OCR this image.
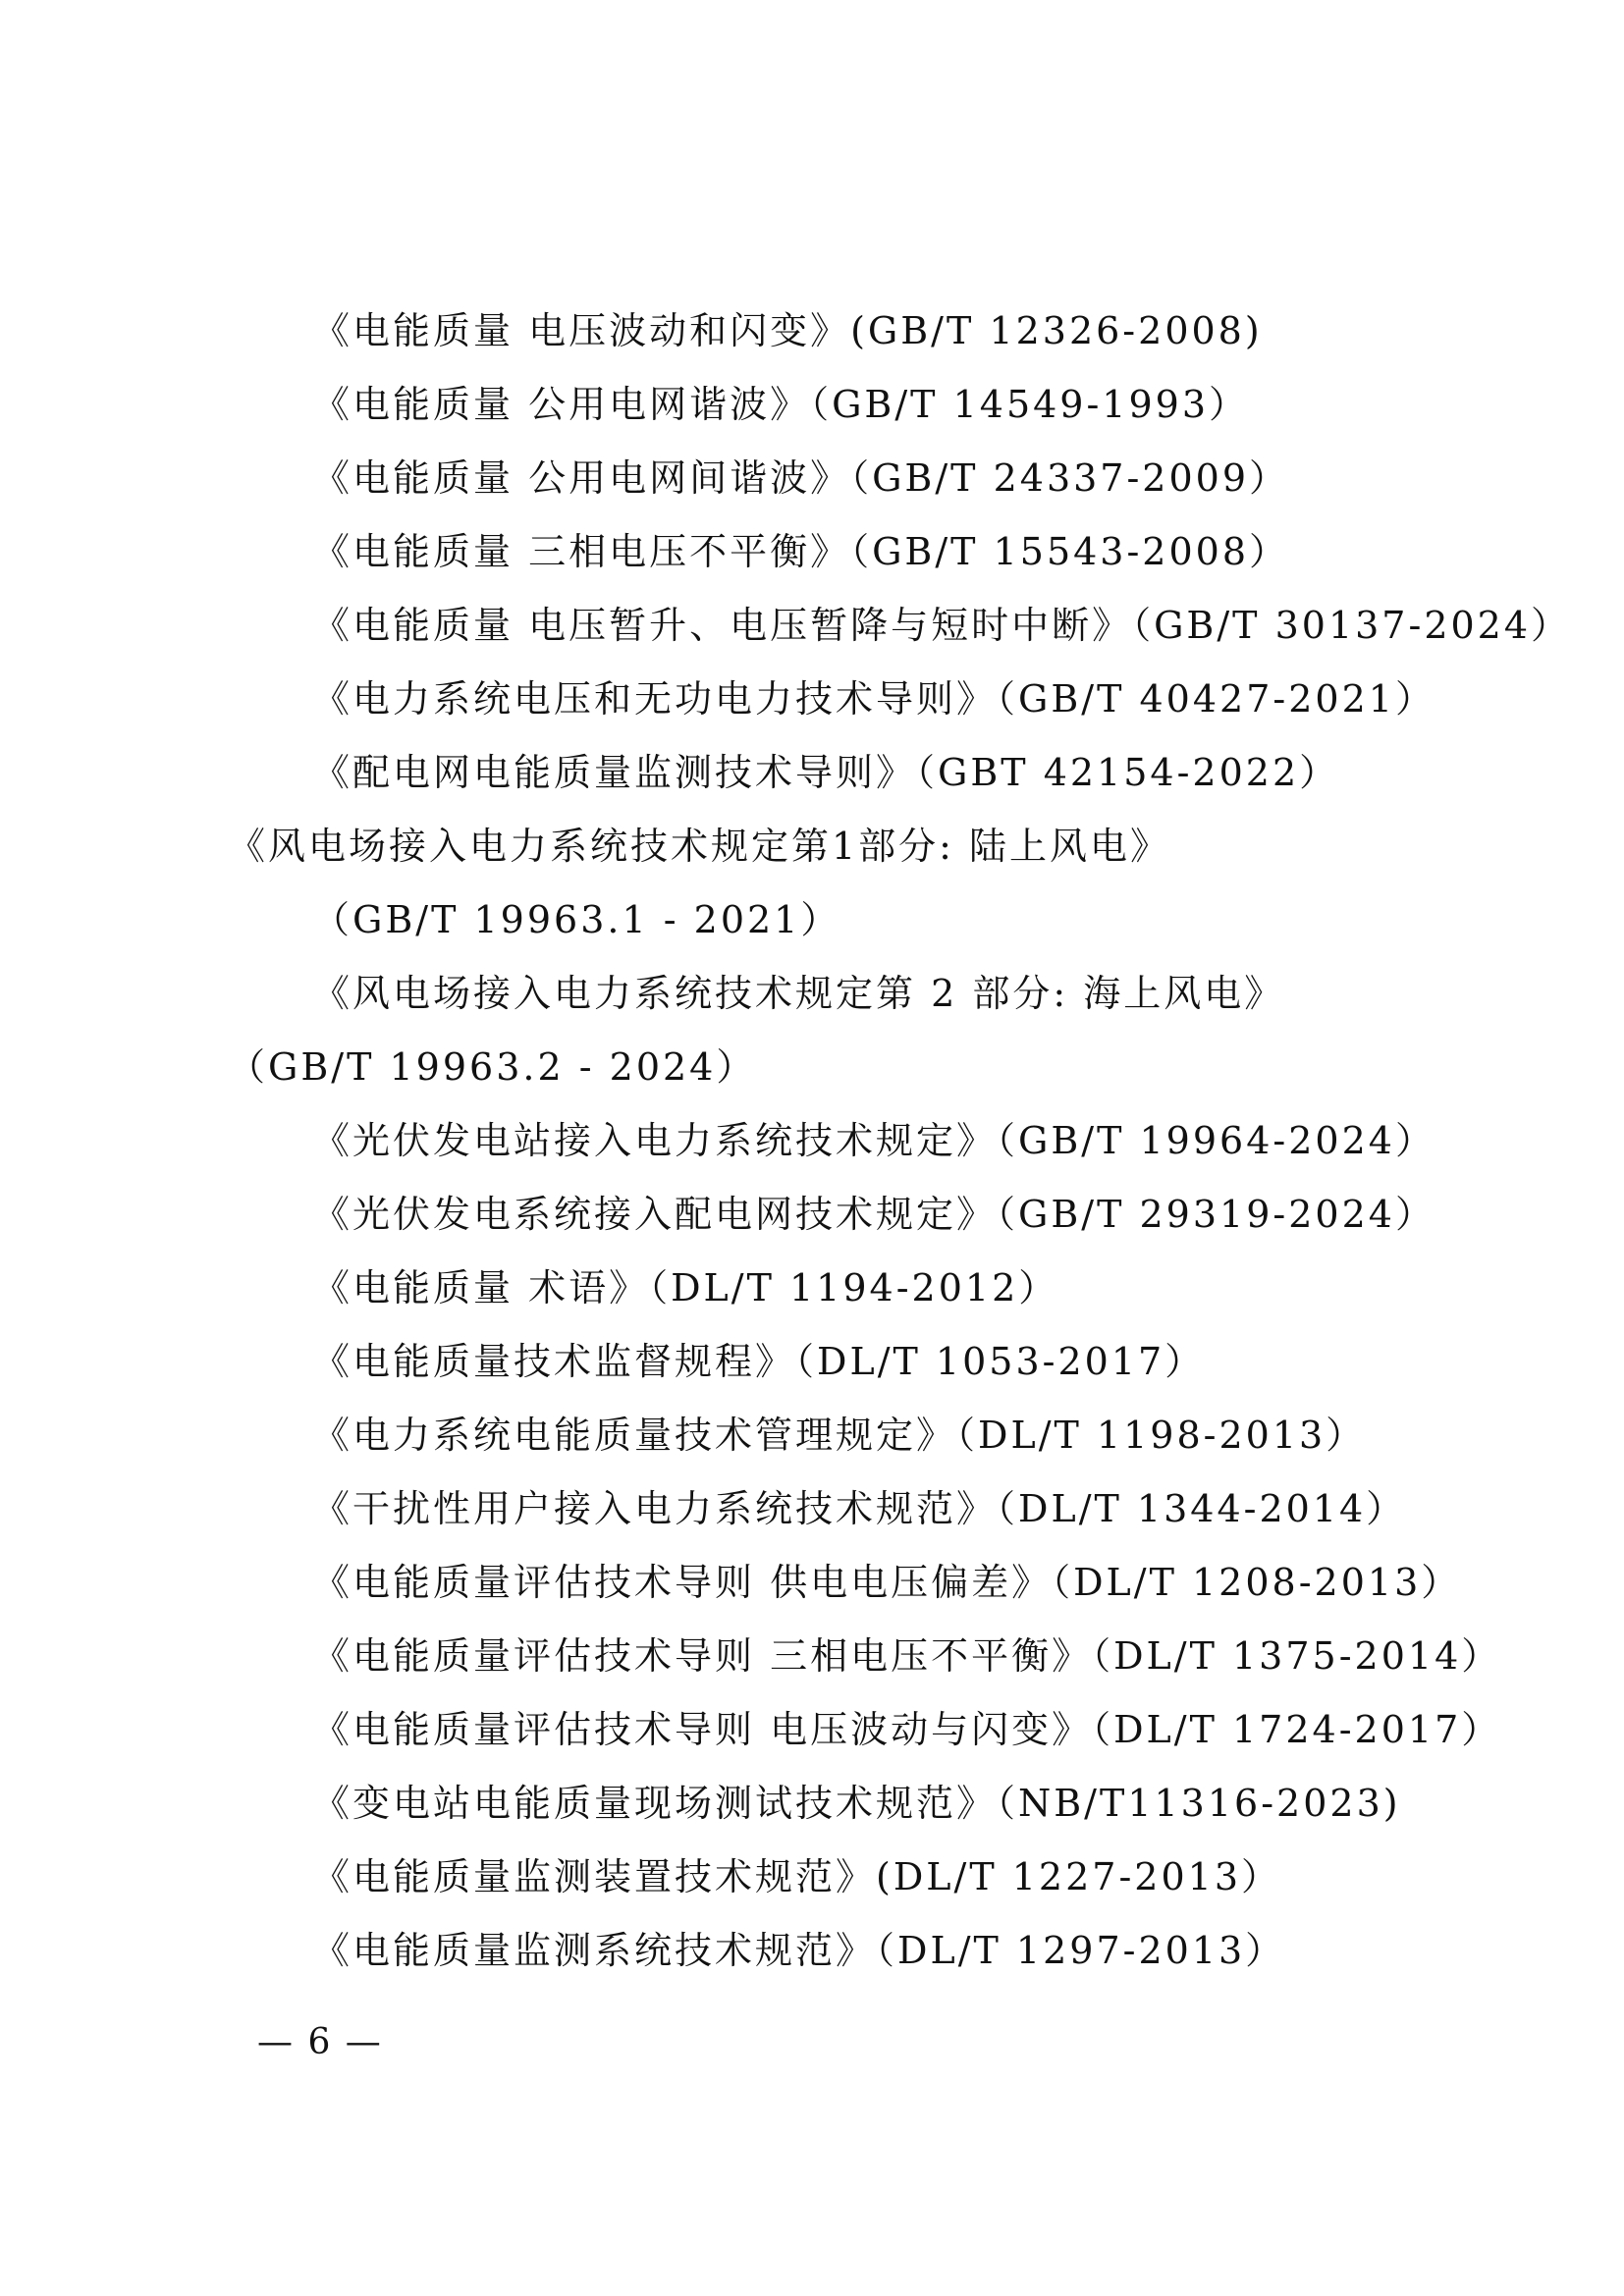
《电能质量 电压波动和闪变》(GB/T 12326-2008)
《电能质量 公用电网谐波》（GB/T 14549-1993）
《电能质量 公用电网间谐波》（GB/T 24337-2009）
《电能质量 三相电压不平衡》（GB/T 15543-2008）
《电能质量 电压暂升、电压暂降与短时中断》（GB/T 30137-2024）
《电力系统电压和无功电力技术导则》（GB/T 40427-2021）
《配电网电能质量监测技术导则》（GBT 42154-2022）
《风电场接入电力系统技术规定第1部分: 陆上风电》
（GB/T 19963.1 - 2021）
《风电场接入电力系统技术规定第 2 部分: 海上风电》
（GB/T 19963.2 - 2024）
《光伏发电站接入电力系统技术规定》（GB/T 19964-2024）
《光伏发电系统接入配电网技术规定》（GB/T 29319-2024）
《电能质量 术语》（DL/T 1194-2012）
《电能质量技术监督规程》（DL/T 1053-2017）
《电力系统电能质量技术管理规定》（DL/T 1198-2013）
《干扰性用户接入电力系统技术规范》（DL/T 1344-2014）
《电能质量评估技术导则 供电电压偏差》（DL/T 1208-2013）
《电能质量评估技术导则 三相电压不平衡》（DL/T 1375-2014）
《电能质量评估技术导则 电压波动与闪变》（DL/T 1724-2017）
《变电站电能质量现场测试技术规范》（NB/T11316-2023)
《电能质量监测装置技术规范》(DL/T 1227-2013）
《电能质量监测系统技术规范》（DL/T 1297-2013）
— 6 —
